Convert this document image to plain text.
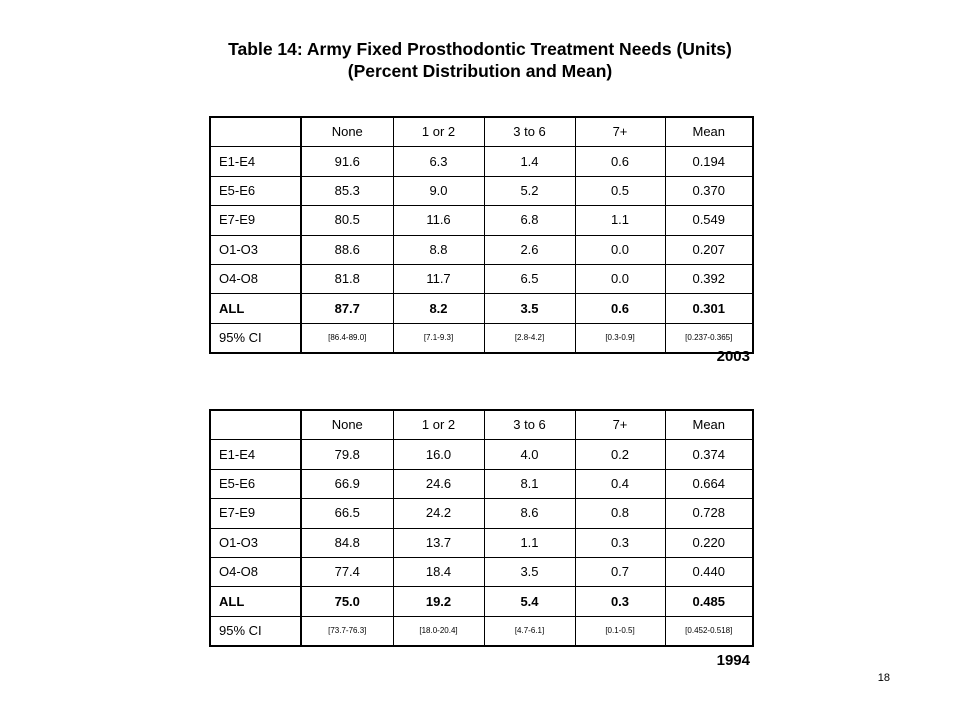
Table 14: Army Fixed Prosthodontic Treatment Needs (Units)
(Percent Distribution and Mean)
	None	1 or 2	3 to 6	7+	Mean
E1-E4	91.6	6.3	1.4	0.6	0.194
E5-E6	85.3	9.0	5.2	0.5	0.370
E7-E9	80.5	11.6	6.8	1.1	0.549
O1-O3	88.6	8.8	2.6	0.0	0.207
O4-O8	81.8	11.7	6.5	0.0	0.392
ALL	87.7	8.2	3.5	0.6	0.301
95% CI	[86.4-89.0]	[7.1-9.3]	[2.8-4.2]	[0.3-0.9]	[0.237-0.365]
2003
	None	1 or 2	3 to 6	7+	Mean
E1-E4	79.8	16.0	4.0	0.2	0.374
E5-E6	66.9	24.6	8.1	0.4	0.664
E7-E9	66.5	24.2	8.6	0.8	0.728
O1-O3	84.8	13.7	1.1	0.3	0.220
O4-O8	77.4	18.4	3.5	0.7	0.440
ALL	75.0	19.2	5.4	0.3	0.485
95% CI	[73.7-76.3]	[18.0-20.4]	[4.7-6.1]	[0.1-0.5]	[0.452-0.518]
1994
18
